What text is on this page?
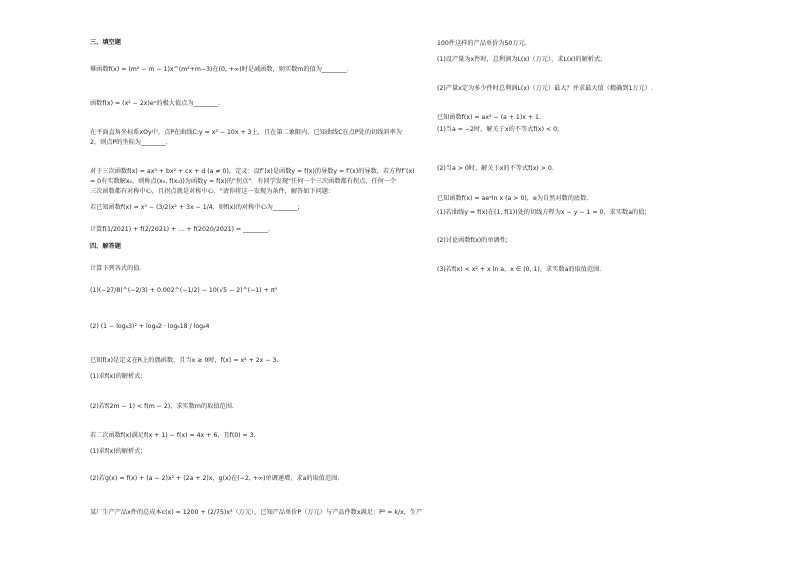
三、填空题
幂函数f(x) = (m² − m − 1)x^(m²+m−3)在(0, +∞)时是减函数，则实数m的值为________.
函数f(x) = (x² − 2x)eˣ的极大值点为________.
在平面直角坐标系xOy中，点P在曲线C:y = x³ − 10x + 3上，且在第二象限内，已知曲线C在点P处的切线斜率为
2，则点P的坐标为________.
对于三次函数f(x) = ax³ + bx² + cx + d (a ≠ 0)，定义：设f″(x)是函数y = f(x)的导数y = f′(x)的导数，若方程f″(x)
= 0有实数解x₀，则称点(x₀, f(x₀))为函数y = f(x)的"拐点"．有同学发现"任何一个三次函数都有拐点，任何一个
三次函数都有对称中心，且拐点就是对称中心．"请你将这一发现为条件，解答如下问题：
若已知函数f(x) = x³ − (3/2)x² + 3x − 1/4，则f(x)的对称中心为________;
计算f(1/2021) + f(2/2021) + … + f(2020/2021) = ________.
四、解答题
计算下列各式的值.
(1)(−27/8)^(−2/3) + 0.002^(−1/2) − 10(√5 − 2)^(−1) + π⁰
(2) (1 − log₆3)² + log₆2 · log₆18 / log₆4
已知f(x)是定义在R上的偶函数，且当x ≥ 0时，f(x) = x² + 2x − 3.
(1)求f(x)的解析式;
(2)若f(2m − 1) < f(m − 2)，求实数m的取值范围.
若二次函数f(x)满足f(x + 1) − f(x) = 4x + 6，且f(0) = 3.
(1)求f(x)的解析式;
(2)若g(x) = f(x) + (a − 2)x² + (2a + 2)x，g(x)在(−2, +∞)单调递增，求a的取值范围.
某厂生产产品x件的总成本c(x) = 1200 + (2/75)x³（万元），已知产品单价P（万元）与产品件数x满足：P² = k/x，生产
100件这样的产品单价为50万元.
(1)设产量为x件时，总利润为L(x)（万元），求L(x)的解析式;
(2)产量x定为多少件时总利润L(x)（万元）最大？并求最大值（精确到1万元）.
已知函数f(x) = ax² − (a + 1)x + 1.
(1)当a = −2时，解关于x的不等式f(x) < 0;
(2)当a > 0时，解关于x的不等式f(x) > 0.
已知函数f(x) = aeˣln x (a > 0)，e为自然对数的底数.
(1)若曲线y = f(x)在(1, f(1))处的切线方程为x − y − 1 = 0，求实数a的值;
(2)讨论函数f(x)的单调性;
(3)若f(x) < x² + x ln a，x ∈ (0, 1)，求实数a的取值范围.
